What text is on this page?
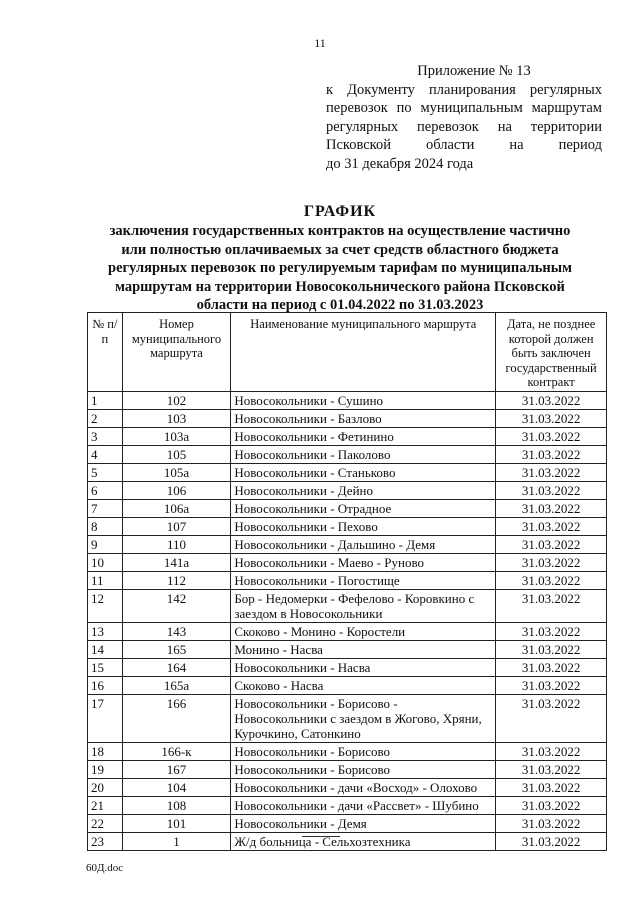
11
Приложение № 13
к Документу планирования регулярных
перевозок по муниципальным маршрутам
регулярных перевозок на территории
Псковской области на период
до 31 декабря 2024 года
ГРАФИК
заключения государственных контрактов на осуществление частично
или полностью оплачиваемых за счет средств областного бюджета
регулярных перевозок по регулируемым тарифам по муниципальным
маршрутам на территории Новосокольнического района Псковской
области на период с 01.04.2022 по 31.03.2023
№ п/п	Номер муниципального маршрута	Наименование муниципального маршрута	Дата, не позднее которой должен быть заключен государственный контракт
1	102	Новосокольники - Сушино	31.03.2022
2	103	Новосокольники - Базлово	31.03.2022
3	103а	Новосокольники - Фетинино	31.03.2022
4	105	Новосокольники - Паколово	31.03.2022
5	105а	Новосокольники - Станьково	31.03.2022
6	106	Новосокольники - Дейно	31.03.2022
7	106а	Новосокольники - Отрадное	31.03.2022
8	107	Новосокольники - Пехово	31.03.2022
9	110	Новосокольники - Дальшино - Демя	31.03.2022
10	141а	Новосокольники - Маево - Руново	31.03.2022
11	112	Новосокольники - Погостище	31.03.2022
12	142	Бор - Недомерки - Фефелово - Коровкино с заездом в Новосокольники	31.03.2022
13	143	Скоково - Монино - Коростели	31.03.2022
14	165	Монино - Насва	31.03.2022
15	164	Новосокольники - Насва	31.03.2022
16	165а	Скоково - Насва	31.03.2022
17	166	Новосокольники - Борисово - Новосокольники с заездом в Жогово, Хряни, Курочкино, Сатонкино	31.03.2022
18	166-к	Новосокольники - Борисово	31.03.2022
19	167	Новосокольники - Борисово	31.03.2022
20	104	Новосокольники - дачи «Восход» - Олохово	31.03.2022
21	108	Новосокольники - дачи «Рассвет» - Шубино	31.03.2022
22	101	Новосокольники - Демя	31.03.2022
23	1	Ж/д больница - Сельхозтехника	31.03.2022
60Д.doc
